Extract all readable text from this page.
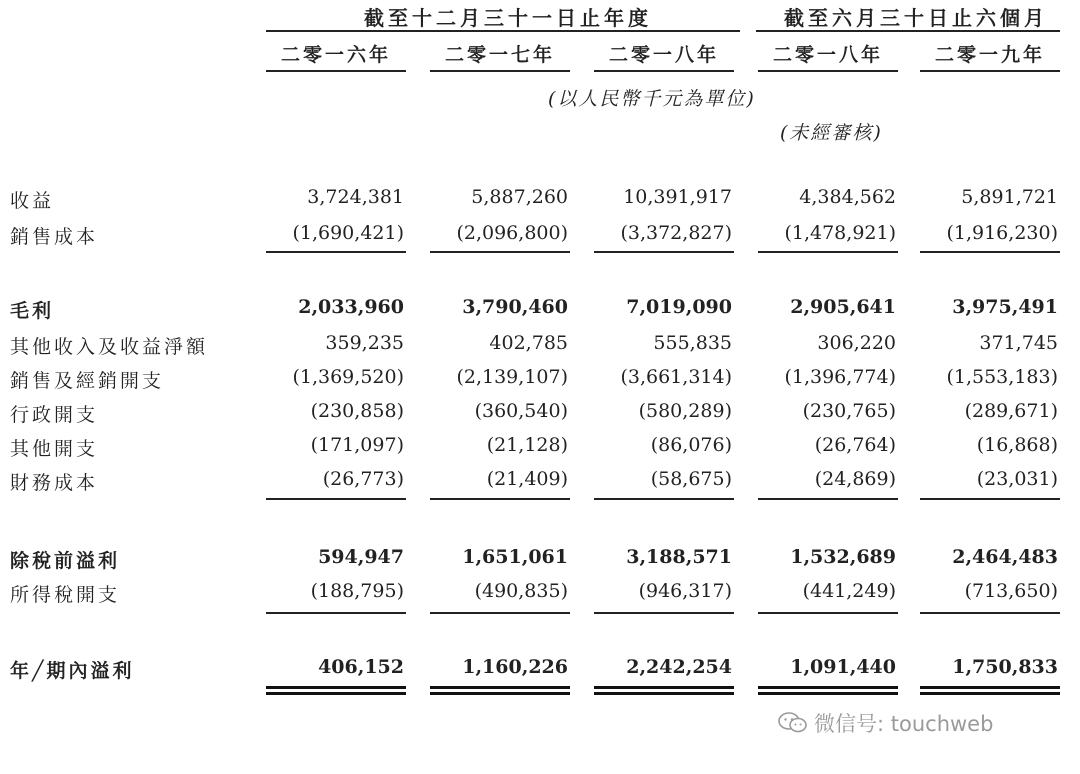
截至十二月三十一日止年度	截至六月三十日止六個月
二零一六年	二零一七年	二零一八年	二零一八年	二零一九年
(以人民幣千元為單位)
(未經審核)
收益	3,724,381	5,887,260	10,391,917	4,384,562	5,891,721
銷售成本	(1,690,421)	(2,096,800)	(3,372,827)	(1,478,921)	(1,916,230)
毛利	2,033,960	3,790,460	7,019,090	2,905,641	3,975,491
其他收入及收益淨額	359,235	402,785	555,835	306,220	371,745
銷售及經銷開支	(1,369,520)	(2,139,107)	(3,661,314)	(1,396,774)	(1,553,183)
行政開支	(230,858)	(360,540)	(580,289)	(230,765)	(289,671)
其他開支	(171,097)	(21,128)	(86,076)	(26,764)	(16,868)
財務成本	(26,773)	(21,409)	(58,675)	(24,869)	(23,031)
除稅前溢利	594,947	1,651,061	3,188,571	1,532,689	2,464,483
所得稅開支	(188,795)	(490,835)	(946,317)	(441,249)	(713,650)
年╱期內溢利	406,152	1,160,226	2,242,254	1,091,440	1,750,833
微信号: touchweb
